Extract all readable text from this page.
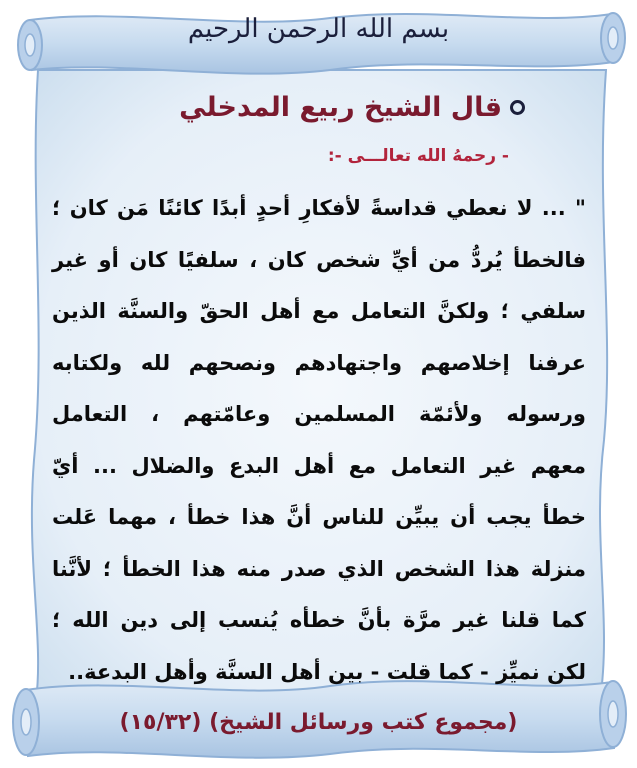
بسم الله الرحمن الرحيم
قال الشيخ ربيع المدخلي
- رحمهُ الله تعالـــى -:
" ... لا نعطي قداسةً لأفكارِ أحدٍ أبدًا كائنًا مَن كان ؛
فالخطأ يُردُّ من أيِّ شخص كان ، سلفيًا كان أو غير
سلفي ؛ ولكنَّ التعامل مع أهل الحقّ والسنَّة الذين
عرفنا إخلاصهم واجتهادهم ونصحهم لله ولكتابه
ورسوله ولأئمّة المسلمين وعامّتهم ، التعامل
معهم غير التعامل مع أهل البدع والضلال ... أيّ
خطأ يجب أن يبيِّن للناس أنَّ هذا خطأ ، مهما عَلت
منزلة هذا الشخص الذي صدر منه هذا الخطأ ؛ لأنَّنا
كما قلنا غير مرَّة بأنَّ خطأه يُنسب إلى دين الله ؛
لكن نميِّز - كما قلت - بين أهل السنَّة وأهل البدعة..
(مجموع كتب ورسائل الشيخ) (١٥/٣٢)
